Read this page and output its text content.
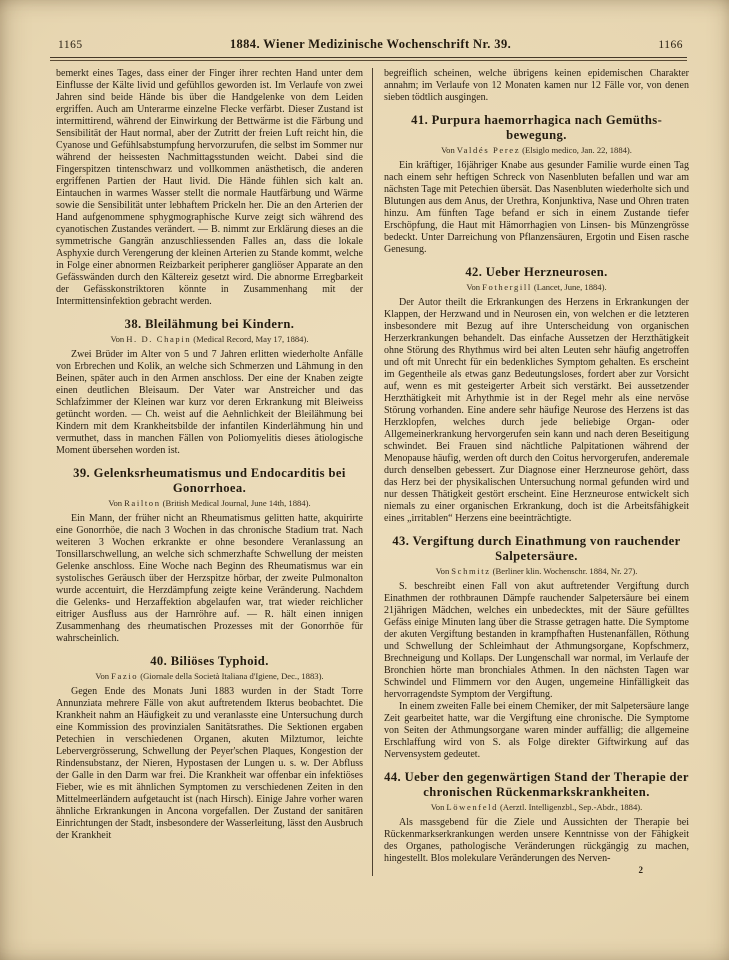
1165	1884. Wiener Medizinische Wochenschrift Nr. 39.	1166

bemerkt eines Tages, dass einer der Finger ihrer rechten Hand unter dem Einflusse der Kälte livid und gefühllos geworden ist. Im Verlaufe von zwei Jahren sind beide Hände bis über die Handgelenke von dem Leiden ergriffen. Auch am Unterarme einzelne Flecke verfärbt. Dieser Zustand ist intermittirend, während der Einwirkung der Bettwärme ist die Färbung und Sensibilität der Haut normal, aber der Zutritt der freien Luft reicht hin, die Cyanose und Gefühlsabstumpfung hervorzurufen, die selbst im Sommer nur während der heissesten Nachmittagsstunden weicht. Dabei sind die Fingerspitzen tintenschwarz und vollkommen anästhetisch, die anderen ergriffenen Partien der Haut livid. Die Hände fühlen sich kalt an. Eintauchen in warmes Wasser stellt die normale Hautfärbung und Wärme sowie die Sensibilität unter lebhaftem Prickeln her. Die an den Arterien der Hand aufgenommene sphygmographische Kurve zeigt sich während des cyanotischen Zustandes verändert. — B. nimmt zur Erklärung dieses an die symmetrische Gangrän anzuschliessenden Falles an, dass die lokale Asphyxie durch Verengerung der kleinen Arterien zu Stande kommt, welche in Folge einer abnormen Reizbarkeit peripherer gangliöser Apparate an den Gefässwänden durch den Kältereiz gesetzt wird. Die abnorme Erregbarkeit der Gefässkonstriktoren könnte in Zusammenhang mit der Intermittensinfektion gebracht werden.

38. Bleilähmung bei Kindern.

Von H. D. Chapin (Medical Record, May 17, 1884).

Zwei Brüder im Alter von 5 und 7 Jahren erlitten wiederholte Anfälle von Erbrechen und Kolik, an welche sich Schmerzen und Lähmung in den Beinen, später auch in den Armen anschloss. Der eine der Knaben zeigte einen deutlichen Bleisaum. Der Vater war Anstreicher und das Schlafzimmer der Kleinen war kurz vor deren Erkrankung mit Bleiweiss getüncht worden. — Ch. weist auf die Aehnlichkeit der Bleilähmung bei Kindern mit dem Krankheitsbilde der infantilen Kinderlähmung hin und vermuthet, dass in manchen Fällen von Poliomyelitis dieses ätiologische Moment übersehen worden ist.

39. Gelenksrheumatismus und Endocarditis bei Gonorrhoea.

Von Railton (British Medical Journal, June 14th, 1884).

Ein Mann, der früher nicht an Rheumatismus gelitten hatte, akquirirte eine Gonorrhöe, die nach 3 Wochen in das chronische Stadium trat. Nach weiteren 3 Wochen erkrankte er ohne besondere Veranlassung an Tonsillarschwellung, an welche sich schmerzhafte Schwellung der meisten Gelenke anschloss. Eine Woche nach Beginn des Rheumatismus war ein systolisches Geräusch über der Herzspitze hörbar, der zweite Pulmonalton wurde accentuirt, die Herzdämpfung zeigte keine Veränderung. Nachdem die Gelenks- und Herzaffektion abgelaufen war, trat wieder reichlicher eitriger Ausfluss aus der Harnröhre auf. — R. hält einen innigen Zusammenhang des rheumatischen Prozesses mit der Gonorrhöe für wahrscheinlich.

40. Biliöses Typhoid.

Von Fazio (Giornale della Società Italiana d'Igiene, Dec., 1883).

Gegen Ende des Monats Juni 1883 wurden in der Stadt Torre Annunziata mehrere Fälle von akut auftretendem Ikterus beobachtet. Die Krankheit nahm an Häufigkeit zu und veranlasste eine Untersuchung durch eine Kommission des provinzialen Sanitätsrathes. Die Sektionen ergaben Petechien in verschiedenen Organen, akuten Milztumor, leichte Lebervergrösserung, Schwellung der Peyer'schen Plaques, Kongestion der Rindensubstanz, der Nieren, Hypostasen der Lungen u. s. w. Der Abfluss der Galle in den Darm war frei. Die Krankheit war offenbar ein infektiöses Fieber, wie es mit ähnlichen Symptomen zu verschiedenen Zeiten in den Mittelmeerländern aufgetaucht ist (nach Hirsch). Einige Jahre vorher waren ähnliche Erkrankungen in Ancona vorgefallen. Der Zustand der sanitären Einrichtungen der Stadt, insbesondere der Wasserleitung, lässt den Ausbruch der Krankheit

begreiflich scheinen, welche übrigens keinen epidemischen Charakter annahm; im Verlaufe von 12 Monaten kamen nur 12 Fälle vor, von denen sieben tödtlich ausgingen.

41. Purpura haemorrhagica nach Gemüthsbewegung.

Von Valdés Perez (Elsiglo medico, Jan. 22, 1884).

Ein kräftiger, 16jähriger Knabe aus gesunder Familie wurde einen Tag nach einem sehr heftigen Schreck von Nasenbluten befallen und war am nächsten Tage mit Petechien übersät. Das Nasenbluten wiederholte sich und Blutungen aus dem Anus, der Urethra, Konjunktiva, Nase und Ohren traten hinzu. Am fünften Tage befand er sich in einem Zustande tiefer Erschöpfung, die Haut mit Hämorrhagien von Linsen- bis Münzengrösse bedeckt. Unter Darreichung von Pflanzensäuren, Ergotin und Eisen rasche Genesung.

42. Ueber Herzneurosen.

Von Fothergill (Lancet, June, 1884).

Der Autor theilt die Erkrankungen des Herzens in Erkrankungen der Klappen, der Herzwand und in Neurosen ein, von welchen er die letzteren insbesondere mit Bezug auf ihre Unterscheidung von organischen Herzerkrankungen behandelt. Das einfache Aussetzen der Herzthätigkeit ohne Störung des Rhythmus wird bei alten Leuten sehr häufig angetroffen und oft mit Unrecht für ein bedenkliches Symptom gehalten. Es erscheint im Gegentheile als etwas ganz Bedeutungsloses, fordert aber zur Vorsicht auf, wenn es mit gesteigerter Arbeit sich verstärkt. Bei aussetzender Herzthätigkeit mit Arhythmie ist in der Regel mehr als eine nervöse Störung vorhanden. Eine andere sehr häufige Neurose des Herzens ist das Herzklopfen, welches durch jede beliebige Organ- oder Allgemeinerkrankung hervorgerufen sein kann und nach deren Beseitigung schwindet. Bei Frauen sind nächtliche Palpitationen während der Menopause häufig, werden oft durch den Coitus hervorgerufen, anderemale durch denselben gebessert. Zur Diagnose einer Herzneurose gehört, dass das Herz bei der physikalischen Untersuchung normal gefunden wird und nur dessen Thätigkeit gestört erscheint. Eine Herzneurose entwickelt sich niemals zu einer organischen Erkrankung, doch ist die Arbeitsfähigkeit eines „irritablen“ Herzens eine beeinträchtigte.

43. Vergiftung durch Einathmung von rauchender Salpetersäure.

Von Schmitz (Berliner klin. Wochenschr. 1884, Nr. 27).

S. beschreibt einen Fall von akut auftretender Vergiftung durch Einathmen der rothbraunen Dämpfe rauchender Salpetersäure bei einem 21jährigen Mädchen, welches ein unbedecktes, mit der Säure gefülltes Gefäss einige Minuten lang über die Strasse getragen hatte. Die Symptome der akuten Vergiftung bestanden in krampfhaften Hustenanfällen, Röthung und Schwellung der Schleimhaut der Athmungsorgane, Kopfschmerz, Brechneigung und Kollaps. Der Lungenschall war normal, im Verlaufe der Bronchien hörte man bronchiales Athmen. In den nächsten Tagen war Schwindel und Flimmern vor den Augen, ungemeine Hinfälligkeit das hervorragendste Symptom der Vergiftung.

In einem zweiten Falle bei einem Chemiker, der mit Salpetersäure lange Zeit gearbeitet hatte, war die Vergiftung eine chronische. Die Symptome von Seiten der Athmungsorgane waren minder auffällig; die allgemeine Erschlaffung wird von S. als Folge direkter Giftwirkung auf das Nervensystem gedeutet.

44. Ueber den gegenwärtigen Stand der Therapie der chronischen Rückenmarkskrankheiten.

Von Löwenfeld (Aerztl. Intelligenzbl., Sep.-Abdr., 1884).

Als massgebend für die Ziele und Aussichten der Therapie bei Rückenmarkserkrankungen werden unsere Kenntnisse von der Fähigkeit des Organes, pathologische Veränderungen rückgängig zu machen, hingestellt. Blos molekulare Veränderungen des Nerven-

2
